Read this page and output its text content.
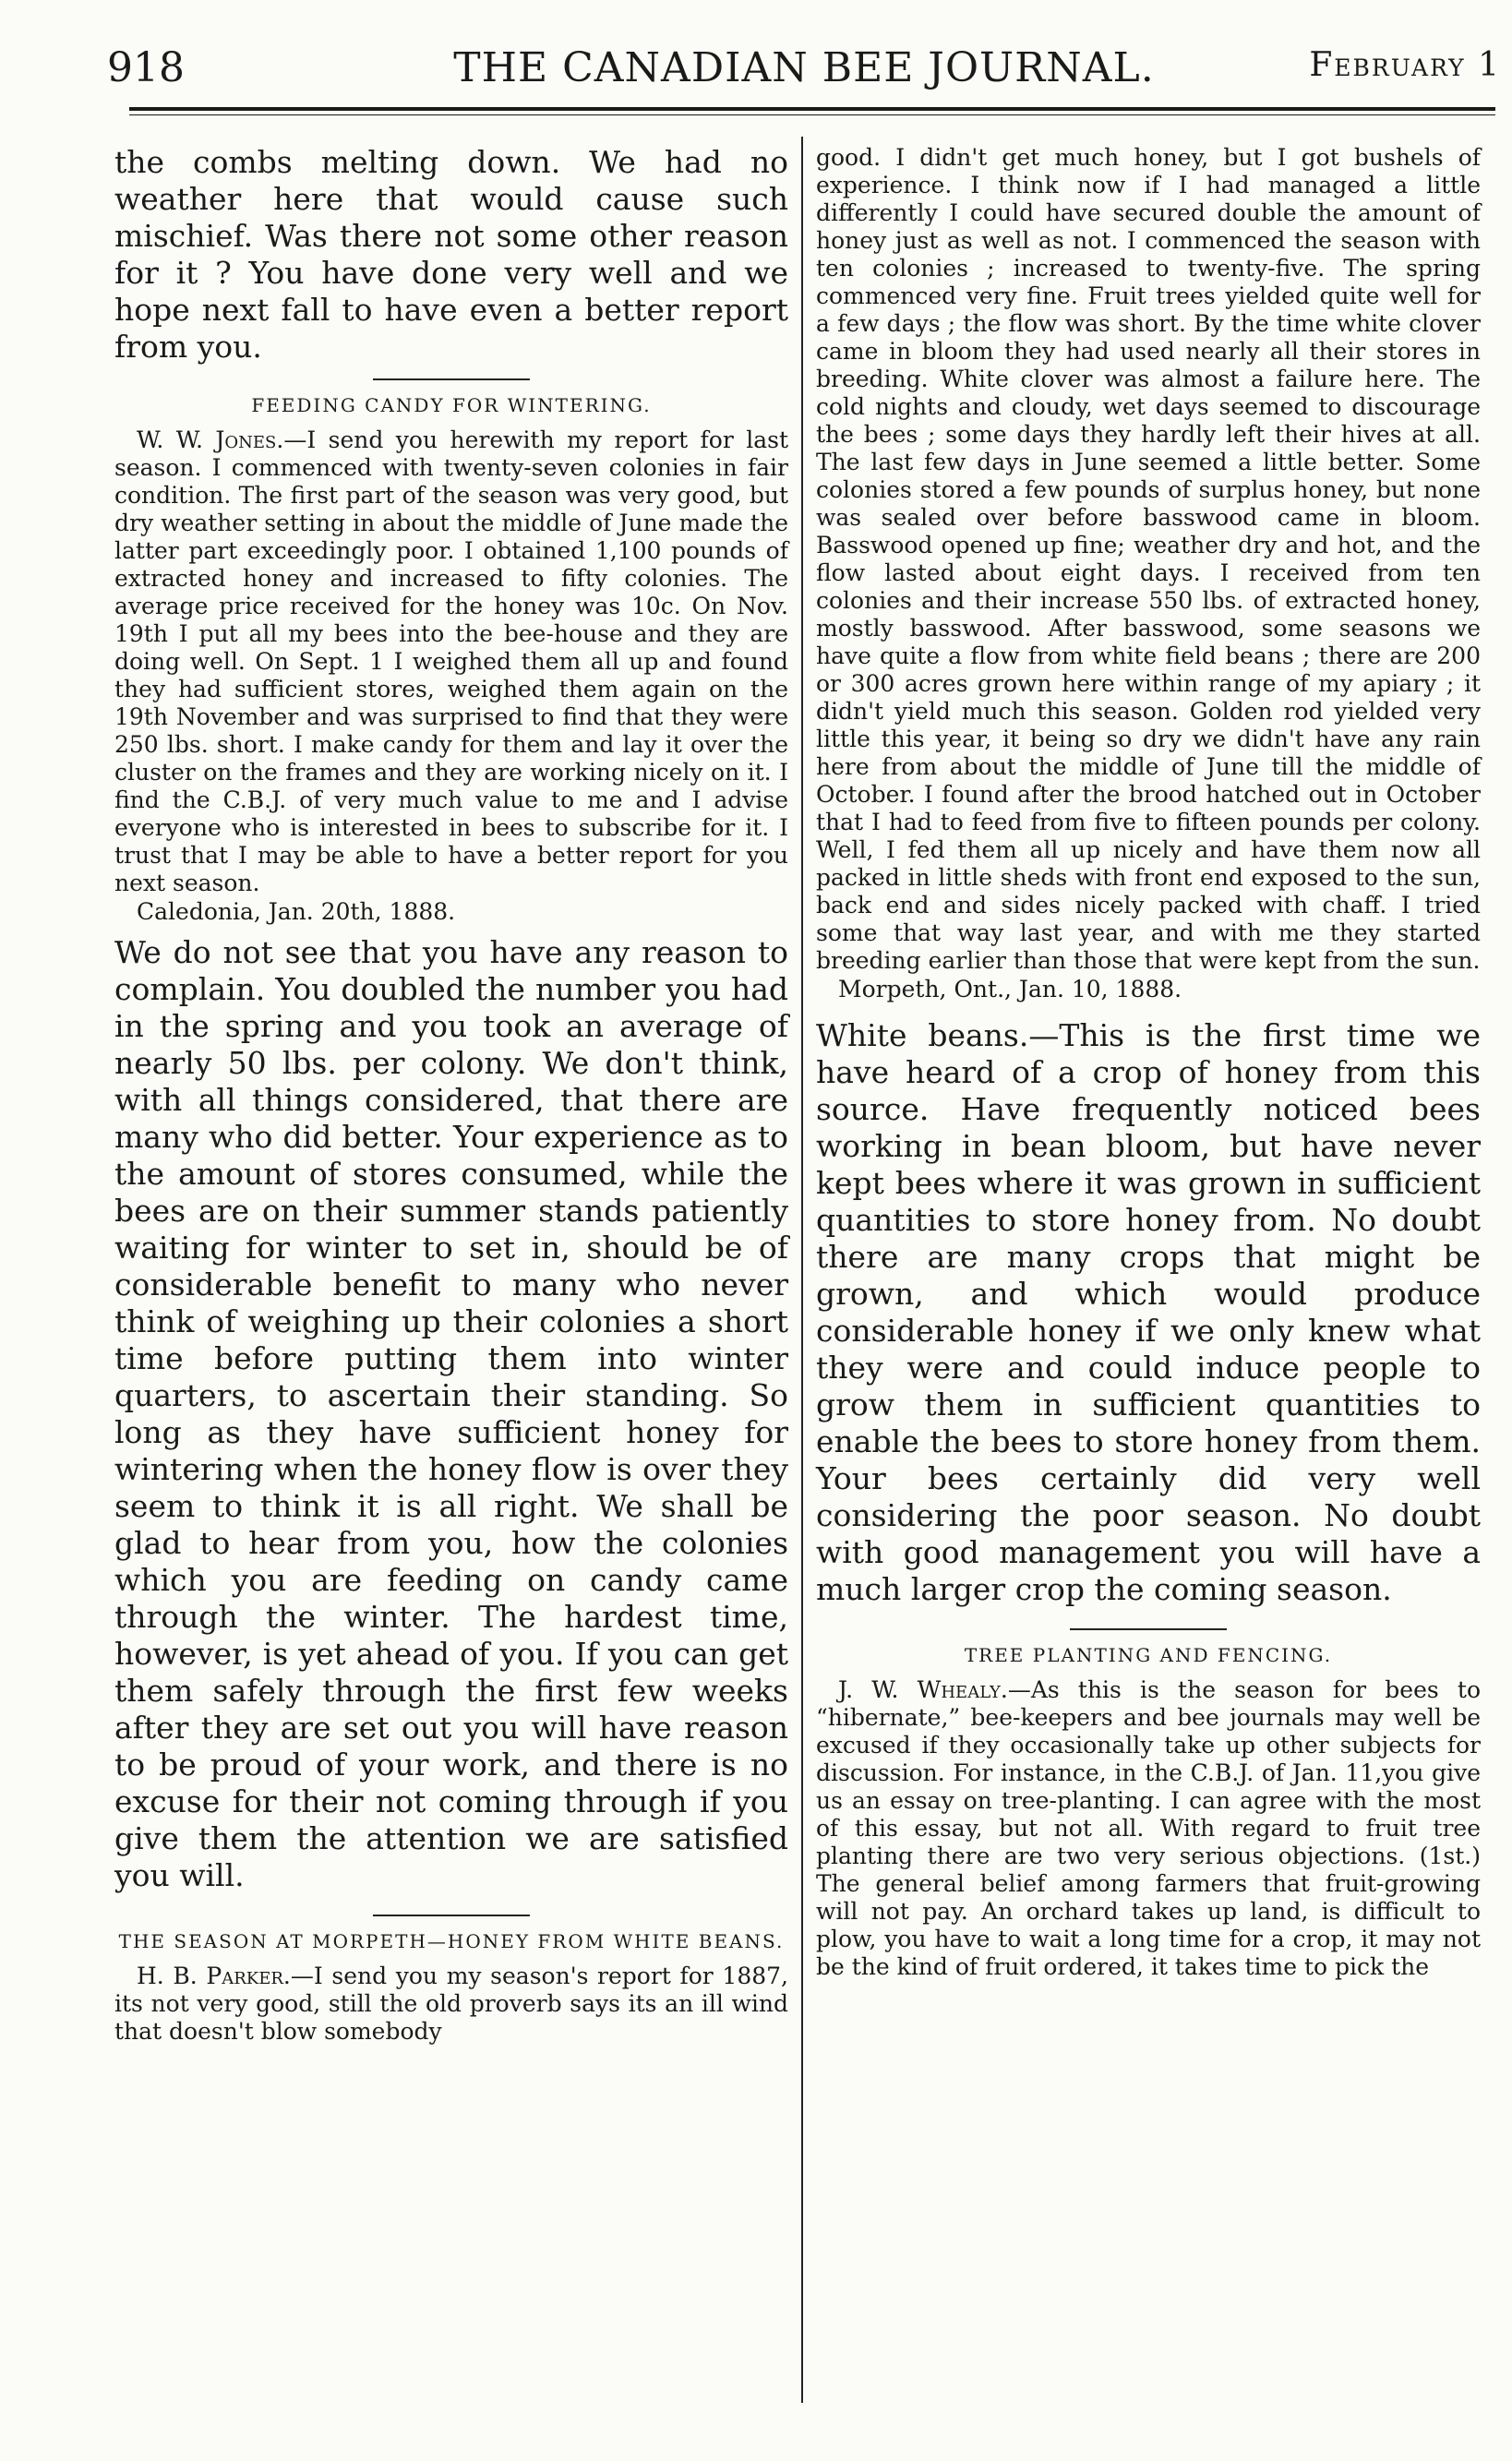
918	THE CANADIAN BEE JOURNAL.	February 1

the combs melting down. We had no weather here that would cause such mischief. Was there not some other reason for it ? You have done very well and we hope next fall to have even a better report from you.

FEEDING CANDY FOR WINTERING.

W. W. Jones.—I send you herewith my report for last season. I commenced with twenty-seven colonies in fair condition. The first part of the season was very good, but dry weather setting in about the middle of June made the latter part exceedingly poor. I obtained 1,100 pounds of extracted honey and increased to fifty colonies. The average price received for the honey was 10c. On Nov. 19th I put all my bees into the bee-house and they are doing well. On Sept. 1 I weighed them all up and found they had sufficient stores, weighed them again on the 19th November and was surprised to find that they were 250 lbs. short. I make candy for them and lay it over the cluster on the frames and they are working nicely on it. I find the C.B.J. of very much value to me and I advise everyone who is interested in bees to subscribe for it. I trust that I may be able to have a better report for you next season.

Caledonia, Jan. 20th, 1888.

We do not see that you have any reason to complain. You doubled the number you had in the spring and you took an average of nearly 50 lbs. per colony. We don't think, with all things considered, that there are many who did better. Your experience as to the amount of stores consumed, while the bees are on their summer stands patiently waiting for winter to set in, should be of considerable benefit to many who never think of weighing up their colonies a short time before putting them into winter quarters, to ascertain their standing. So long as they have sufficient honey for wintering when the honey flow is over they seem to think it is all right. We shall be glad to hear from you, how the colonies which you are feeding on candy came through the winter. The hardest time, however, is yet ahead of you. If you can get them safely through the first few weeks after they are set out you will have reason to be proud of your work, and there is no excuse for their not coming through if you give them the attention we are satisfied you will.

THE SEASON AT MORPETH—HONEY FROM WHITE BEANS.

H. B. Parker.—I send you my season's report for 1887, its not very good, still the old proverb says its an ill wind that doesn't blow somebody

good. I didn't get much honey, but I got bushels of experience. I think now if I had managed a little differently I could have secured double the amount of honey just as well as not. I commenced the season with ten colonies ; increased to twenty-five. The spring commenced very fine. Fruit trees yielded quite well for a few days ; the flow was short. By the time white clover came in bloom they had used nearly all their stores in breeding. White clover was almost a failure here. The cold nights and cloudy, wet days seemed to discourage the bees ; some days they hardly left their hives at all. The last few days in June seemed a little better. Some colonies stored a few pounds of surplus honey, but none was sealed over before basswood came in bloom. Basswood opened up fine; weather dry and hot, and the flow lasted about eight days. I received from ten colonies and their increase 550 lbs. of extracted honey, mostly basswood. After basswood, some seasons we have quite a flow from white field beans ; there are 200 or 300 acres grown here within range of my apiary ; it didn't yield much this season. Golden rod yielded very little this year, it being so dry we didn't have any rain here from about the middle of June till the middle of October. I found after the brood hatched out in October that I had to feed from five to fifteen pounds per colony. Well, I fed them all up nicely and have them now all packed in little sheds with front end exposed to the sun, back end and sides nicely packed with chaff. I tried some that way last year, and with me they started breeding earlier than those that were kept from the sun.

Morpeth, Ont., Jan. 10, 1888.

White beans.—This is the first time we have heard of a crop of honey from this source. Have frequently noticed bees working in bean bloom, but have never kept bees where it was grown in sufficient quantities to store honey from. No doubt there are many crops that might be grown, and which would produce considerable honey if we only knew what they were and could induce people to grow them in sufficient quantities to enable the bees to store honey from them. Your bees certainly did very well considering the poor season. No doubt with good management you will have a much larger crop the coming season.

TREE PLANTING AND FENCING.

J. W. Whealy.—As this is the season for bees to “hibernate,” bee-keepers and bee journals may well be excused if they occasionally take up other subjects for discussion. For instance, in the C.B.J. of Jan. 11,you give us an essay on tree-planting. I can agree with the most of this essay, but not all. With regard to fruit tree planting there are two very serious objections. (1st.) The general belief among farmers that fruit-growing will not pay. An orchard takes up land, is difficult to plow, you have to wait a long time for a crop, it may not be the kind of fruit ordered, it takes time to pick the
